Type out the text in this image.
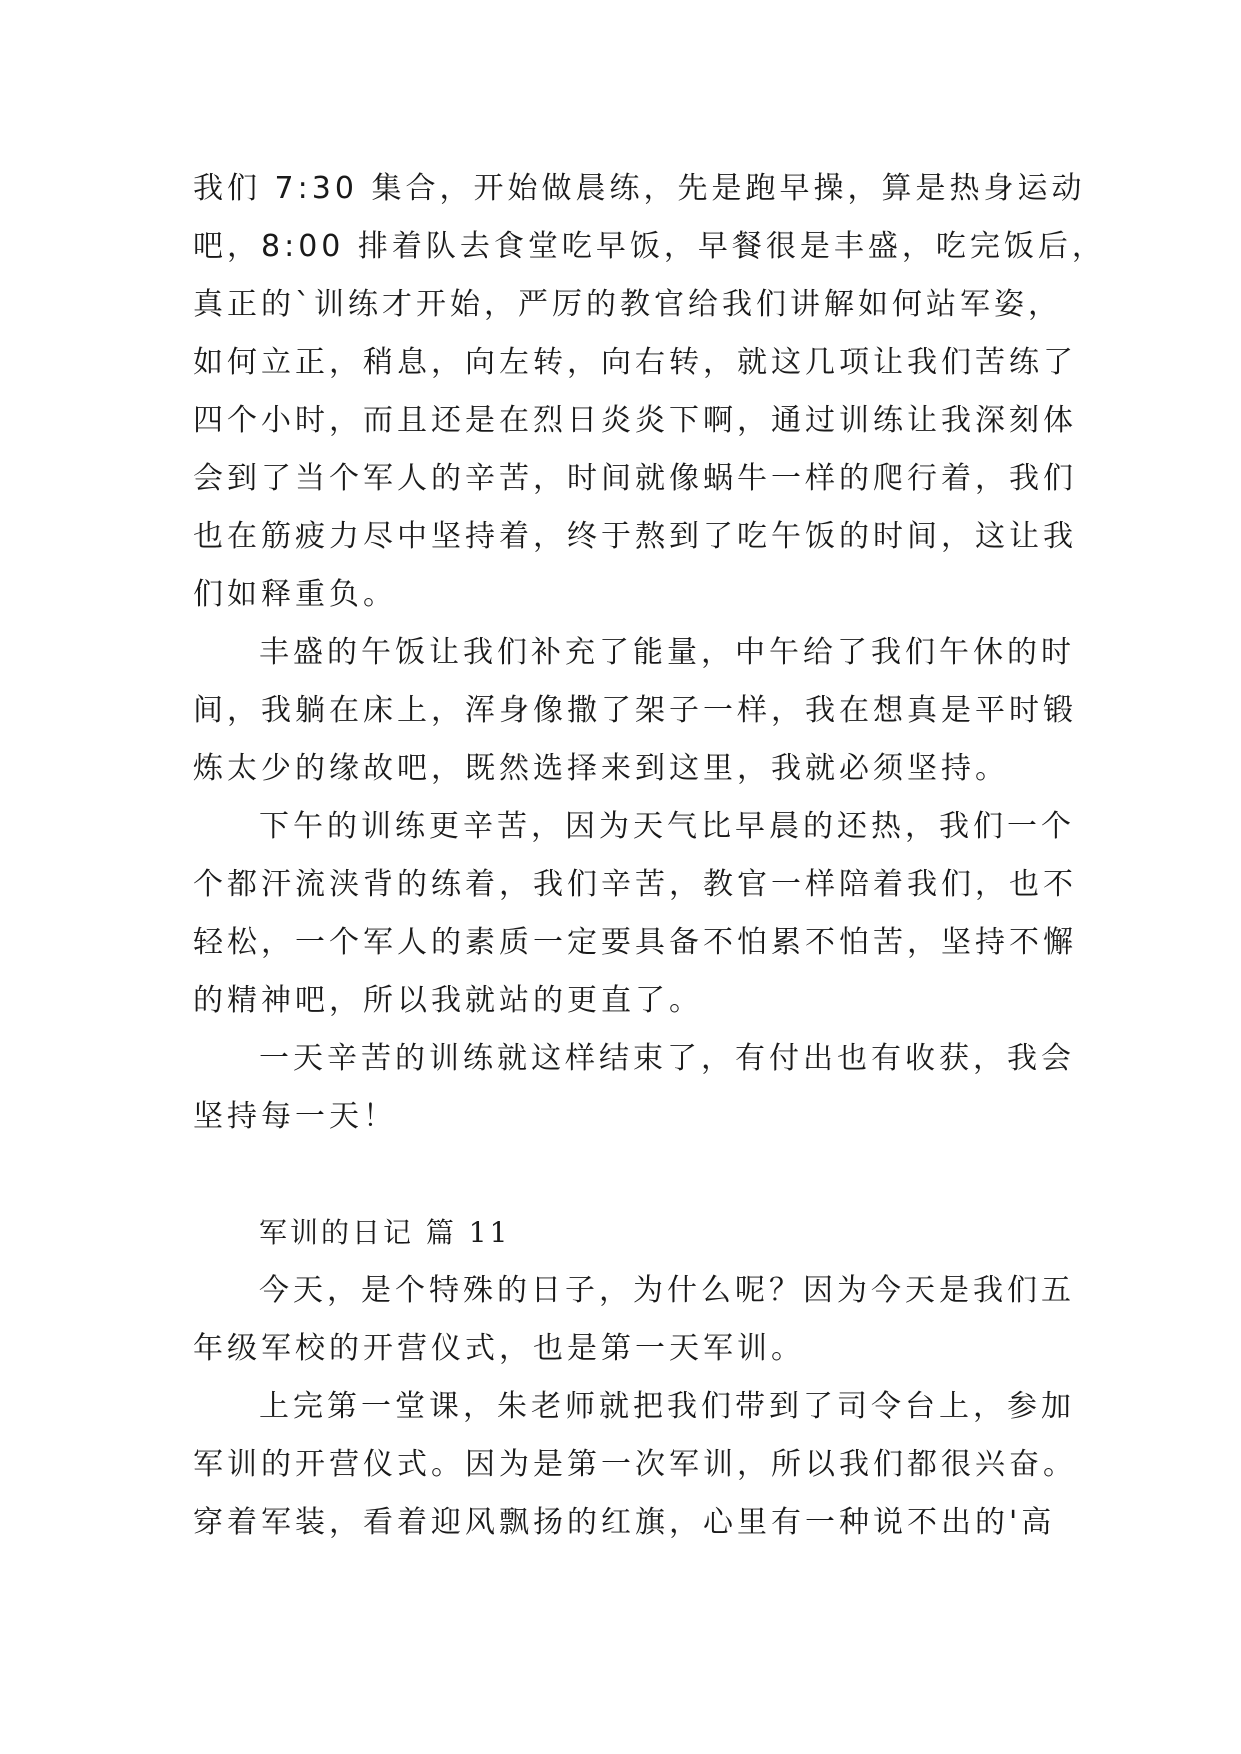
我们 7:30 集合，开始做晨练，先是跑早操，算是热身运动
吧，8:00 排着队去食堂吃早饭，早餐很是丰盛，吃完饭后，
真正的`训练才开始，严厉的教官给我们讲解如何站军姿，
如何立正，稍息，向左转，向右转，就这几项让我们苦练了
四个小时，而且还是在烈日炎炎下啊，通过训练让我深刻体
会到了当个军人的辛苦，时间就像蜗牛一样的爬行着，我们
也在筋疲力尽中坚持着，终于熬到了吃午饭的时间，这让我
们如释重负。
丰盛的午饭让我们补充了能量，中午给了我们午休的时
间，我躺在床上，浑身像撒了架子一样，我在想真是平时锻
炼太少的缘故吧，既然选择来到这里，我就必须坚持。
下午的训练更辛苦，因为天气比早晨的还热，我们一个
个都汗流浃背的练着，我们辛苦，教官一样陪着我们，也不
轻松，一个军人的素质一定要具备不怕累不怕苦，坚持不懈
的精神吧，所以我就站的更直了。
一天辛苦的训练就这样结束了，有付出也有收获，我会
坚持每一天！
军训的日记 篇 11
今天，是个特殊的日子，为什么呢？因为今天是我们五
年级军校的开营仪式，也是第一天军训。
上完第一堂课，朱老师就把我们带到了司令台上，参加
军训的开营仪式。因为是第一次军训，所以我们都很兴奋。
穿着军装，看着迎风飘扬的红旗，心里有一种说不出的'高
